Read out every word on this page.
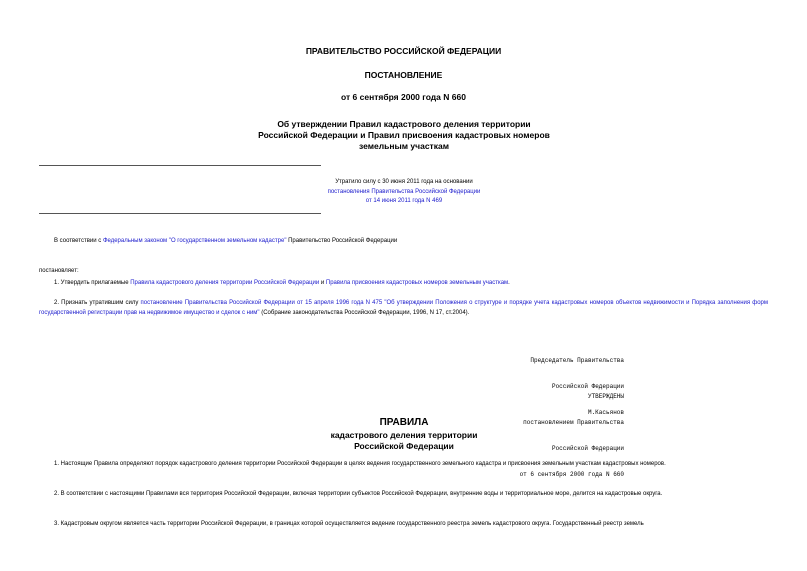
ПРАВИТЕЛЬСТВО РОССИЙСКОЙ ФЕДЕРАЦИИ
ПОСТАНОВЛЕНИЕ
от 6 сентября 2000 года N 660
Об утверждении Правил кадастрового деления территории Российской Федерации и Правил присвоения кадастровых номеров земельным участкам
Утратило силу с 30 июня 2011 года на основании
постановления Правительства Российской Федерации
от 14 июня 2011 года N 469
В соответствии с Федеральным законом "О государственном земельном кадастре" Правительство Российской Федерации
постановляет:
1. Утвердить прилагаемые Правила кадастрового деления территории Российской Федерации и Правила присвоения кадастровых номеров земельным участкам.
2. Признать утратившим силу постановление Правительства Российской Федерации от 15 апреля 1996 года N 475 "Об утверждении Положения о структуре и порядке учета кадастровых номеров объектов недвижимости и Порядка заполнения форм государственной регистрации прав на недвижимое имущество и сделок с ним" (Собрание законодательства Российской Федерации, 1996, N 17, ст.2004).

Председатель Правительства

Российской Федерации

М.Касьянов

УТВЕРЖДЕНЫ

постановлением Правительства

Российской Федерации

от 6 сентября 2000 года N 660

ПРАВИЛА
кадастрового деления территории
Российской Федерации
1. Настоящие Правила определяют порядок кадастрового деления территории Российской Федерации в целях ведения государственного земельного кадастра и присвоения земельным участкам кадастровых номеров.
2. В соответствии с настоящими Правилами вся территория Российской Федерации, включая территории субъектов Российской Федерации, внутренние воды и территориальное море, делится на кадастровые округа.
3. Кадастровым округом является часть территории Российской Федерации, в границах которой осуществляется ведение государственного реестра земель кадастрового округа. Государственный реестр земель
